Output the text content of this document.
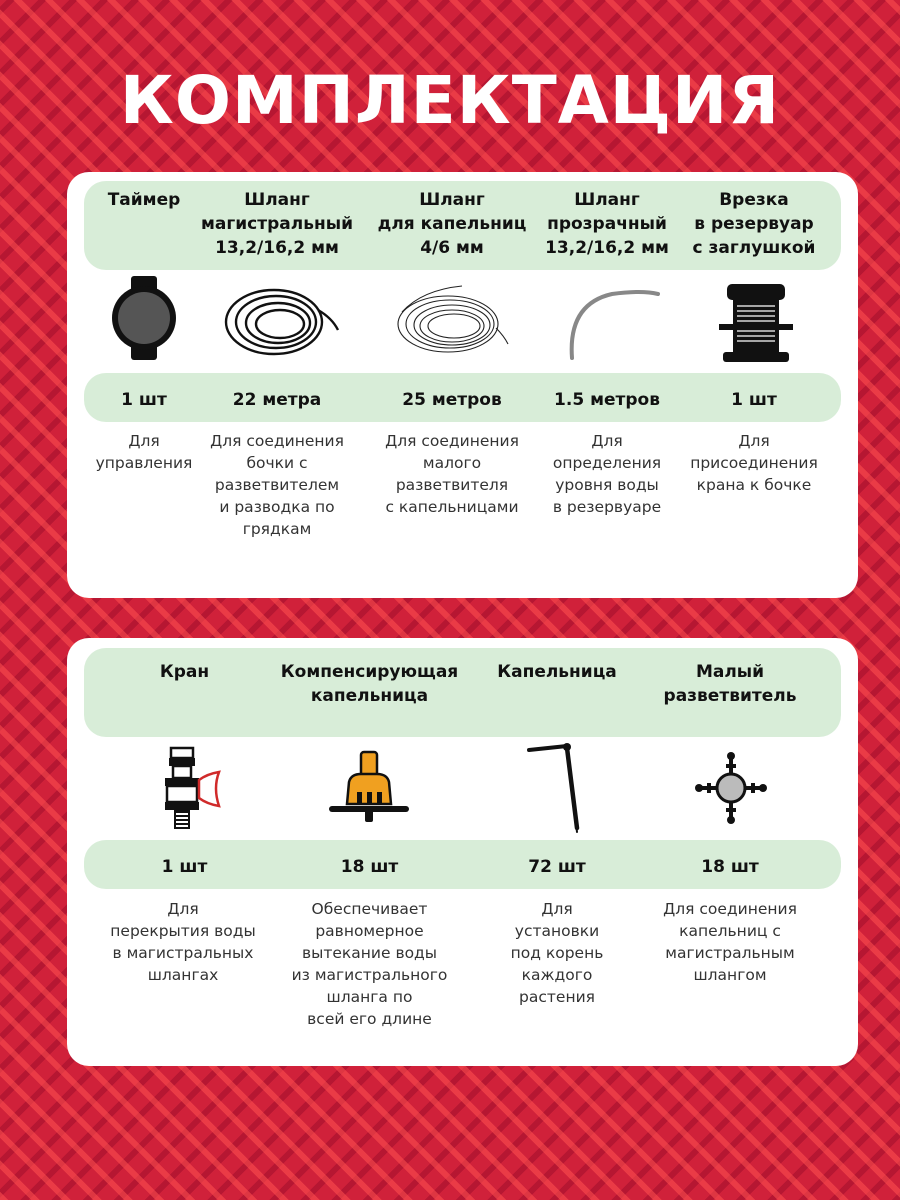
КОМПЛЕКТАЦИЯ
Таймер
1 шт
Для
управления
Шланг
магистральный
13,2/16,2 мм
22 метра
Для соединения
бочки с
разветвителем
и разводка по
грядкам
Шланг
для капельниц
4/6 мм
25 метров
Для соединения
малого
разветвителя
с капельницами
Шланг
прозрачный
13,2/16,2 мм
1.5 метров
Для
определения
уровня воды
в резервуаре
Врезка
в резервуар
с заглушкой
1 шт
Для
присоединения
крана к бочке
Кран
1 шт
Для
перекрытия воды
в магистральных
шлангах
Компенсирующая
капельница
18 шт
Обеспечивает
равномерное
вытекание воды
из магистрального
шланга по
всей его длине
Капельница
72 шт
Для
установки
под корень
каждого
растения
Малый
разветвитель
18 шт
Для соединения
капельниц с
магистральным
шлангом
